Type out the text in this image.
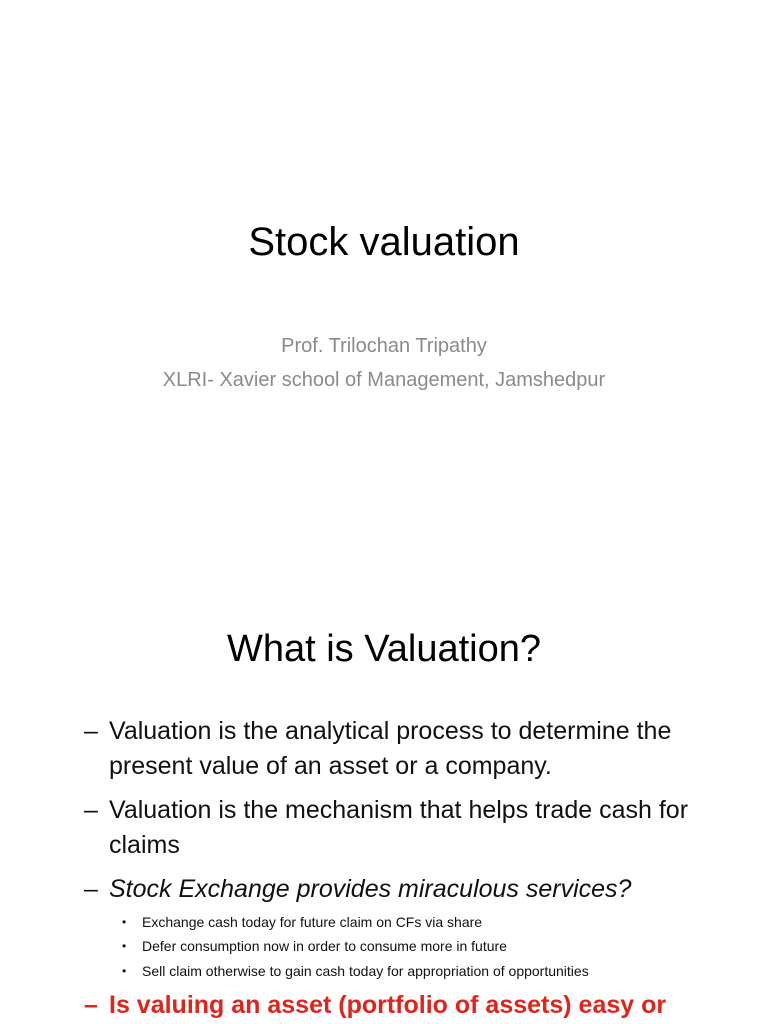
Stock valuation
Prof. Trilochan Tripathy
XLRI- Xavier school of Management, Jamshedpur
What is Valuation?
– Valuation is the analytical process to determine the present value of an asset or a company.
– Valuation is the mechanism that helps trade cash for claims
– Stock Exchange provides miraculous services?
• Exchange cash today for future claim on CFs via share
• Defer consumption now in order to consume more in future
• Sell claim otherwise to gain cash today for appropriation of opportunities
– Is valuing an asset (portfolio of assets) easy or
